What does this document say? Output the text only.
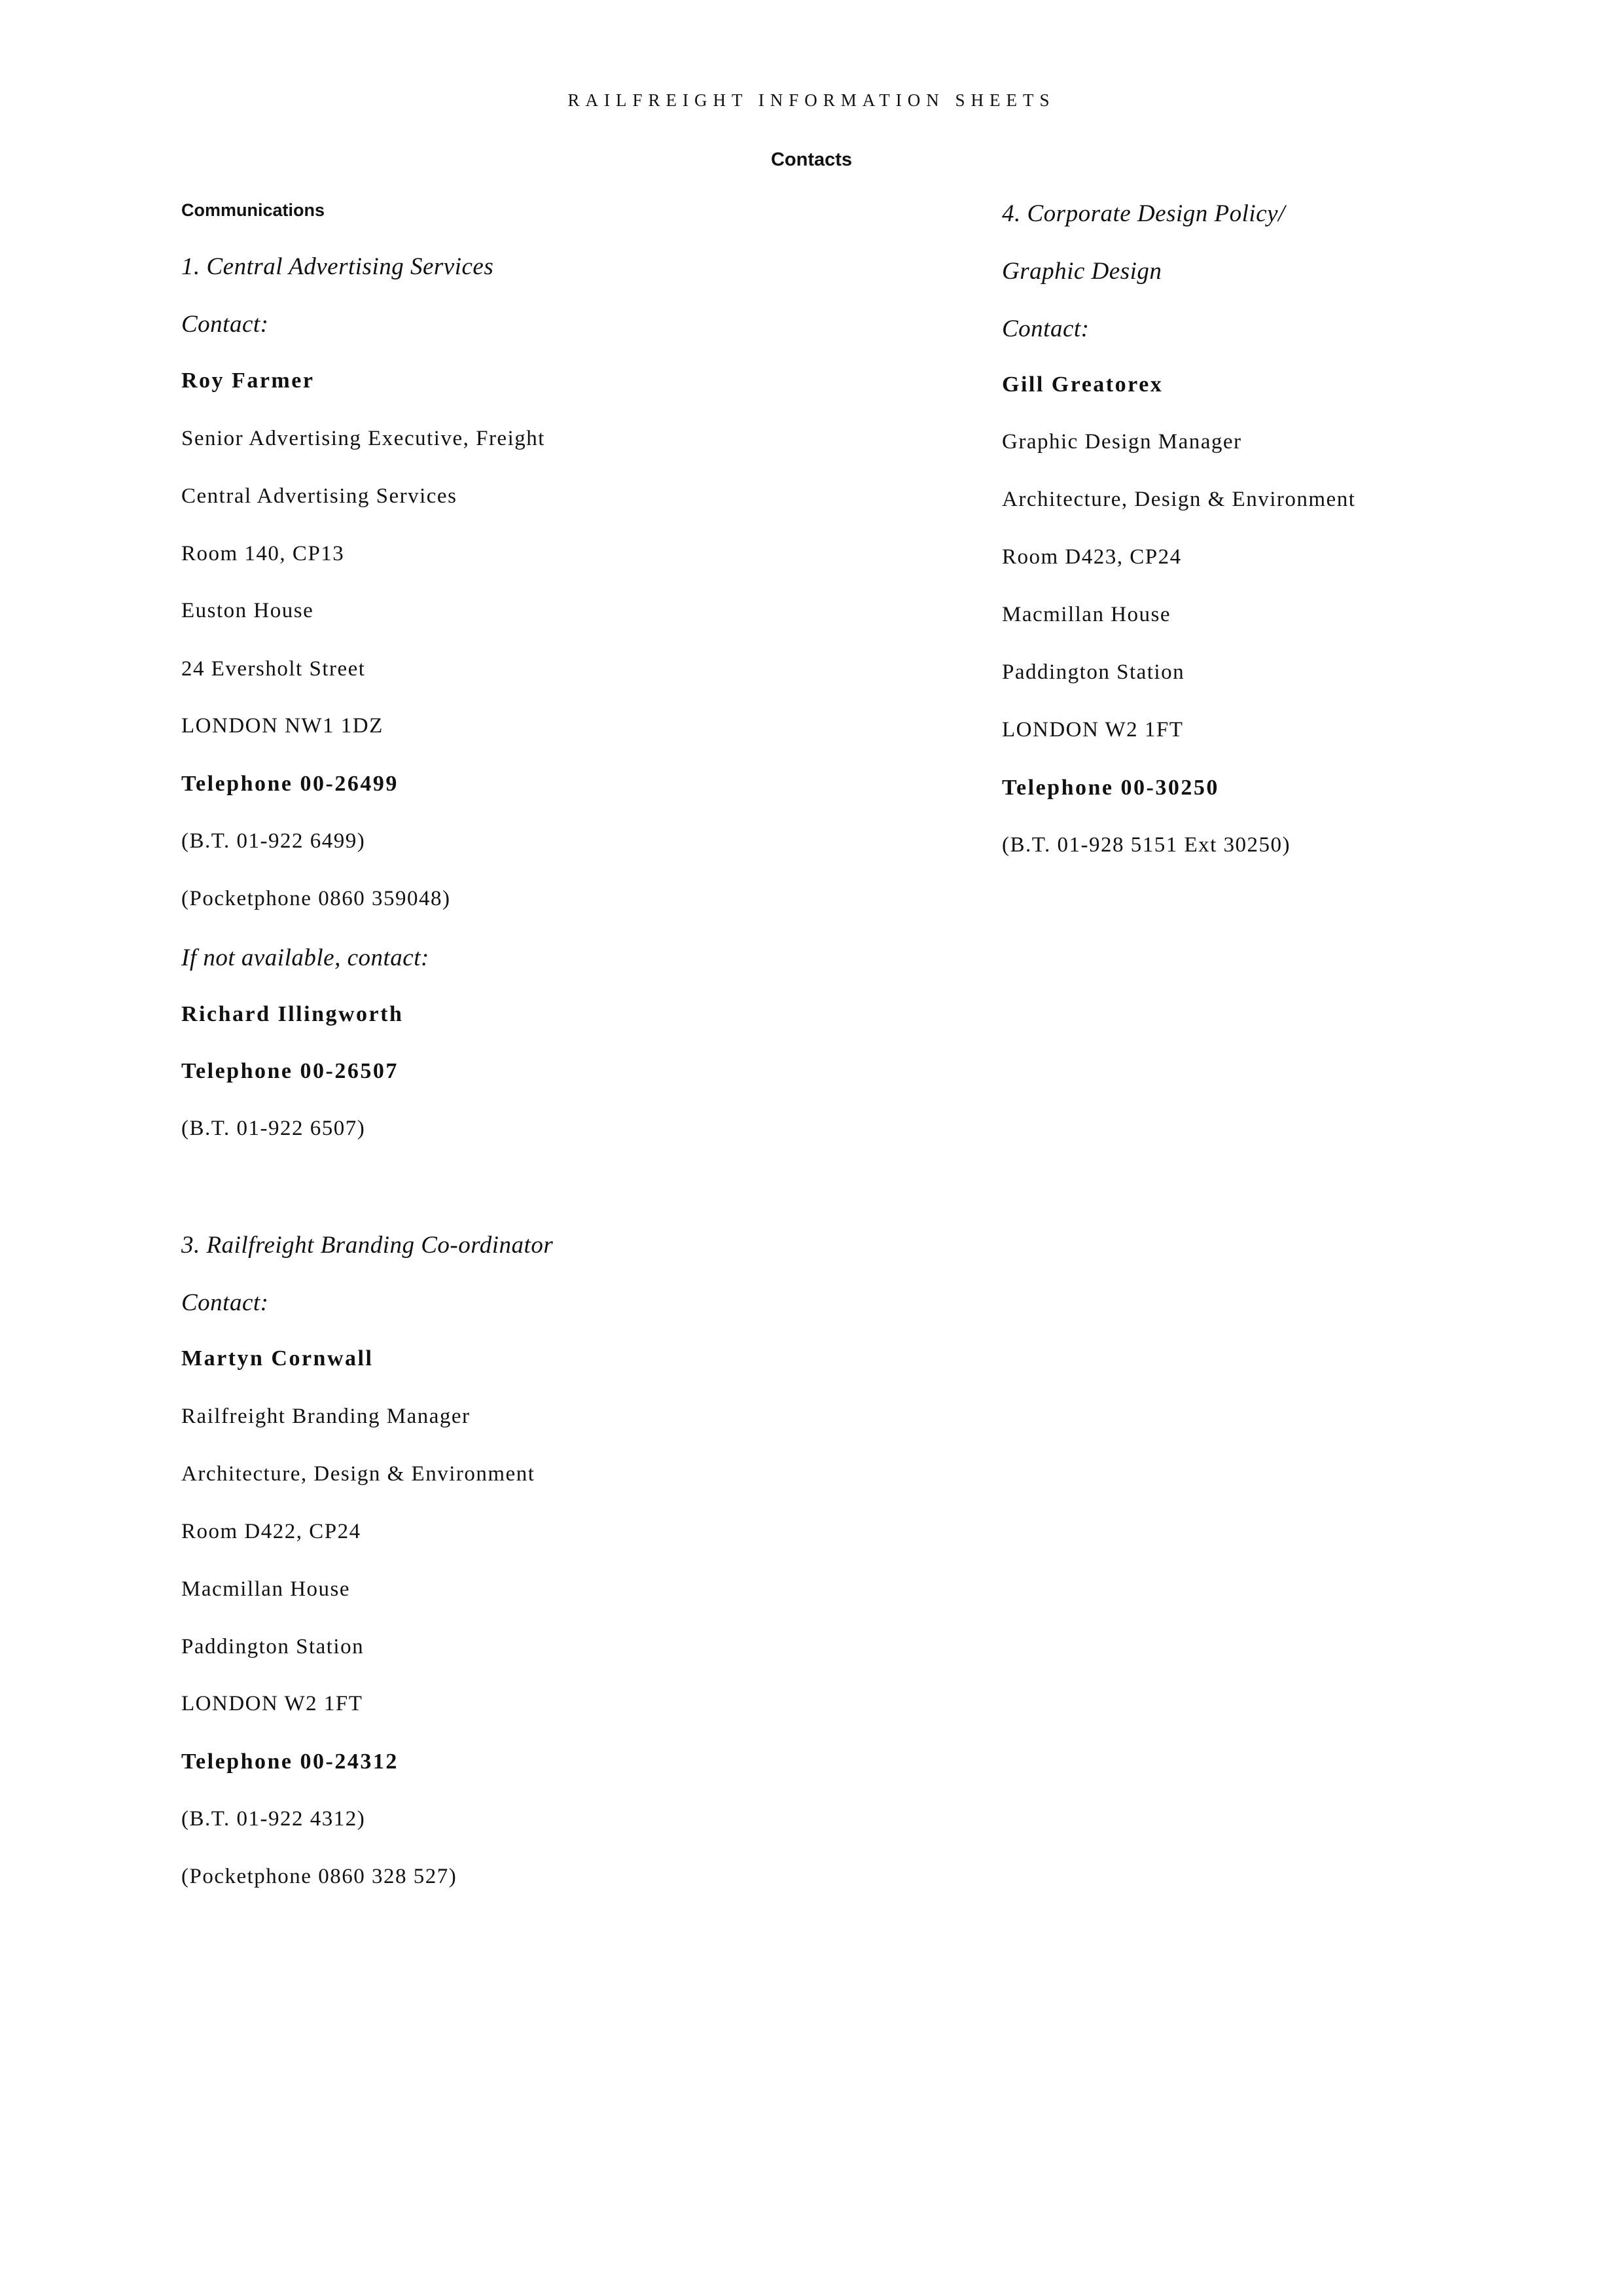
RAILFREIGHT INFORMATION SHEETS
Contacts
Communications
1. Central Advertising Services
Contact:
Roy Farmer
Senior Advertising Executive, Freight
Central Advertising Services
Room 140, CP13
Euston House
24 Eversholt Street
LONDON NW1 1DZ
Telephone 00-26499
(B.T. 01-922 6499)
(Pocketphone 0860 359048)
If not available, contact:
Richard Illingworth
Telephone 00-26507
(B.T. 01-922 6507)
3. Railfreight Branding Co-ordinator
Contact:
Martyn Cornwall
Railfreight Branding Manager
Architecture, Design & Environment
Room D422, CP24
Macmillan House
Paddington Station
LONDON W2 1FT
Telephone 00-24312
(B.T. 01-922 4312)
(Pocketphone 0860 328 527)
4. Corporate Design Policy/
Graphic Design
Contact:
Gill Greatorex
Graphic Design Manager
Architecture, Design & Environment
Room D423, CP24
Macmillan House
Paddington Station
LONDON W2 1FT
Telephone 00-30250
(B.T. 01-928 5151 Ext 30250)
